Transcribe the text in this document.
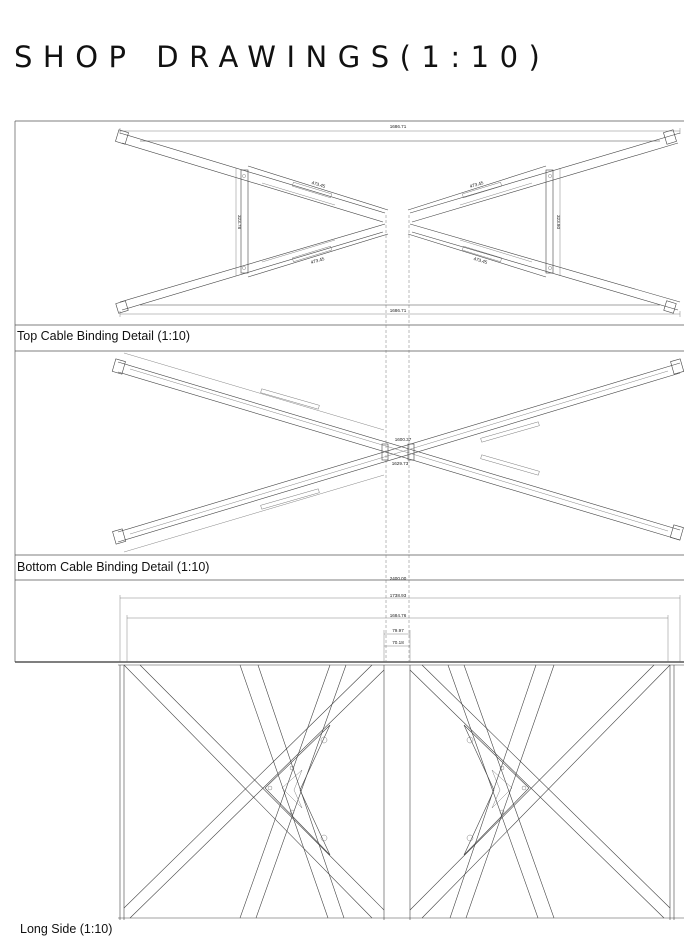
SHOP DRAWINGS(1:10)
1686.71
1686.71
473.45
473.45
473.45
473.45
323.78	323.80
1600.37
1629.73
2400.00
1738.93
1684.76
79.97
70.18
Top Cable Binding Detail (1:10)
Bottom Cable Binding Detail (1:10)
Long Side (1:10)
